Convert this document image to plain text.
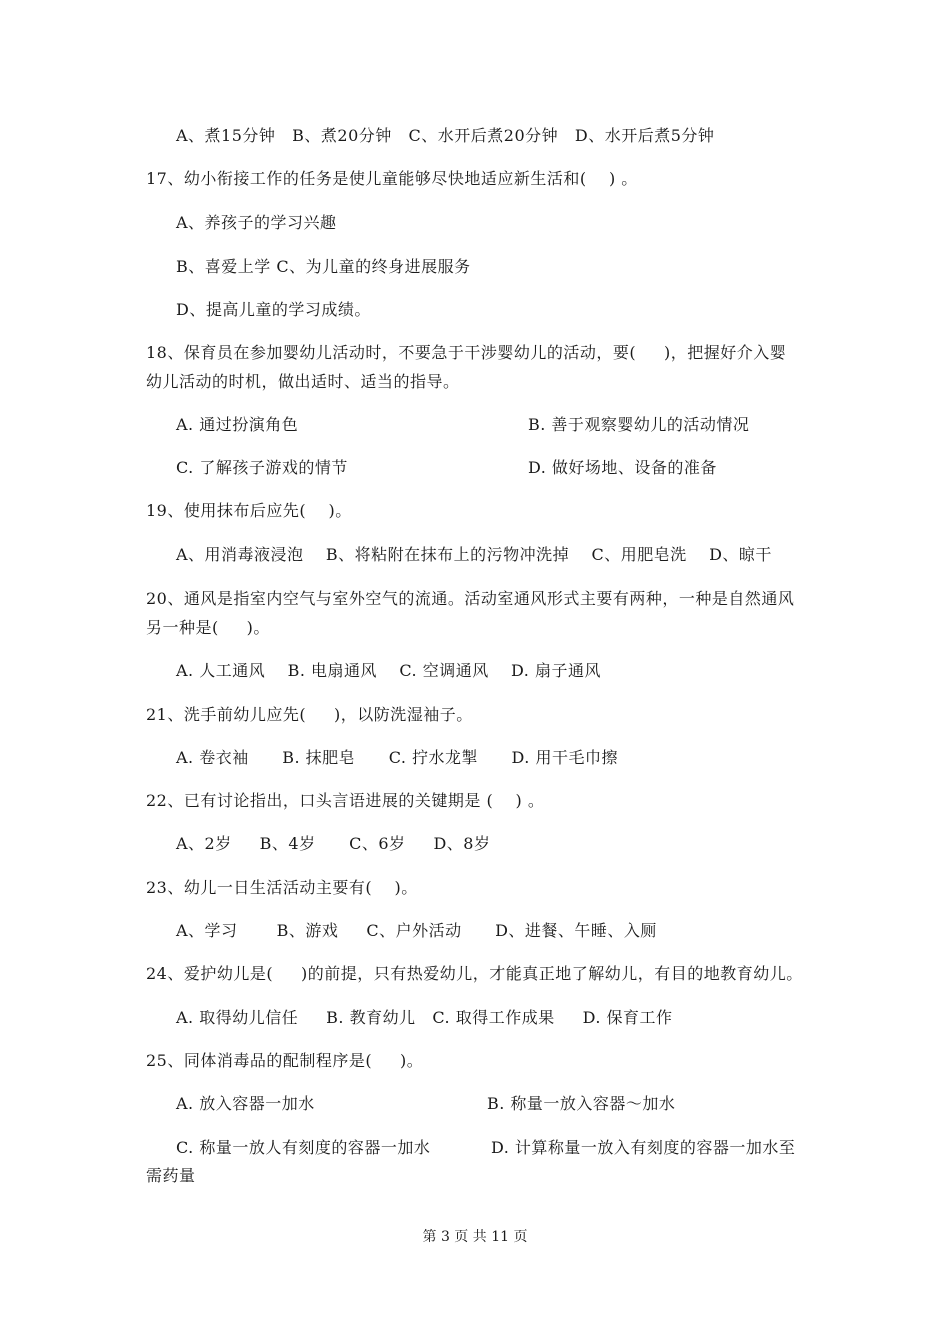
A、煮15分钟   B、煮20分钟   C、水开后煮20分钟   D、水开后煮5分钟
17、幼小衔接工作的任务是使儿童能够尽快地适应新生活和(    ) 。
A、养孩子的学习兴趣
B、喜爱上学 C、为儿童的终身进展服务
D、提高儿童的学习成绩。
18、保育员在参加婴幼儿活动时，不要急于干涉婴幼儿的活动，要(     )，把握好介入婴
幼儿活动的时机，做出适时、适当的指导。
A. 通过扮演角色	B. 善于观察婴幼儿的活动情况
C. 了解孩子游戏的情节	D. 做好场地、设备的准备
19、使用抹布后应先(    )。
A、用消毒液浸泡    B、将粘附在抹布上的污物冲洗掉    C、用肥皂洗    D、晾干
20、通风是指室内空气与室外空气的流通。活动室通风形式主要有两种，一种是自然通风
另一种是(     )。
A. 人工通风    B. 电扇通风    C. 空调通风    D. 扇子通风
21、洗手前幼儿应先(     )，以防洗湿袖子。
A. 卷衣袖      B. 抹肥皂      C. 拧水龙掣      D. 用干毛巾擦
22、已有讨论指出，口头言语进展的关键期是 (    ) 。
A、2岁     B、4岁      C、6岁     D、8岁
23、幼儿一日生活活动主要有(    )。
A、学习       B、游戏     C、户外活动      D、进餐、午睡、入厕
24、爱护幼儿是(     )的前提，只有热爱幼儿，才能真正地了解幼儿，有目的地教育幼儿。
A. 取得幼儿信任     B. 教育幼儿   C. 取得工作成果     D. 保育工作
25、同体消毒品的配制程序是(     )。
A. 放入容器一加水	B. 称量一放入容器～加水
C. 称量一放人有刻度的容器一加水	D. 计算称量一放入有刻度的容器一加水至
需药量
第 3 页 共 11 页
